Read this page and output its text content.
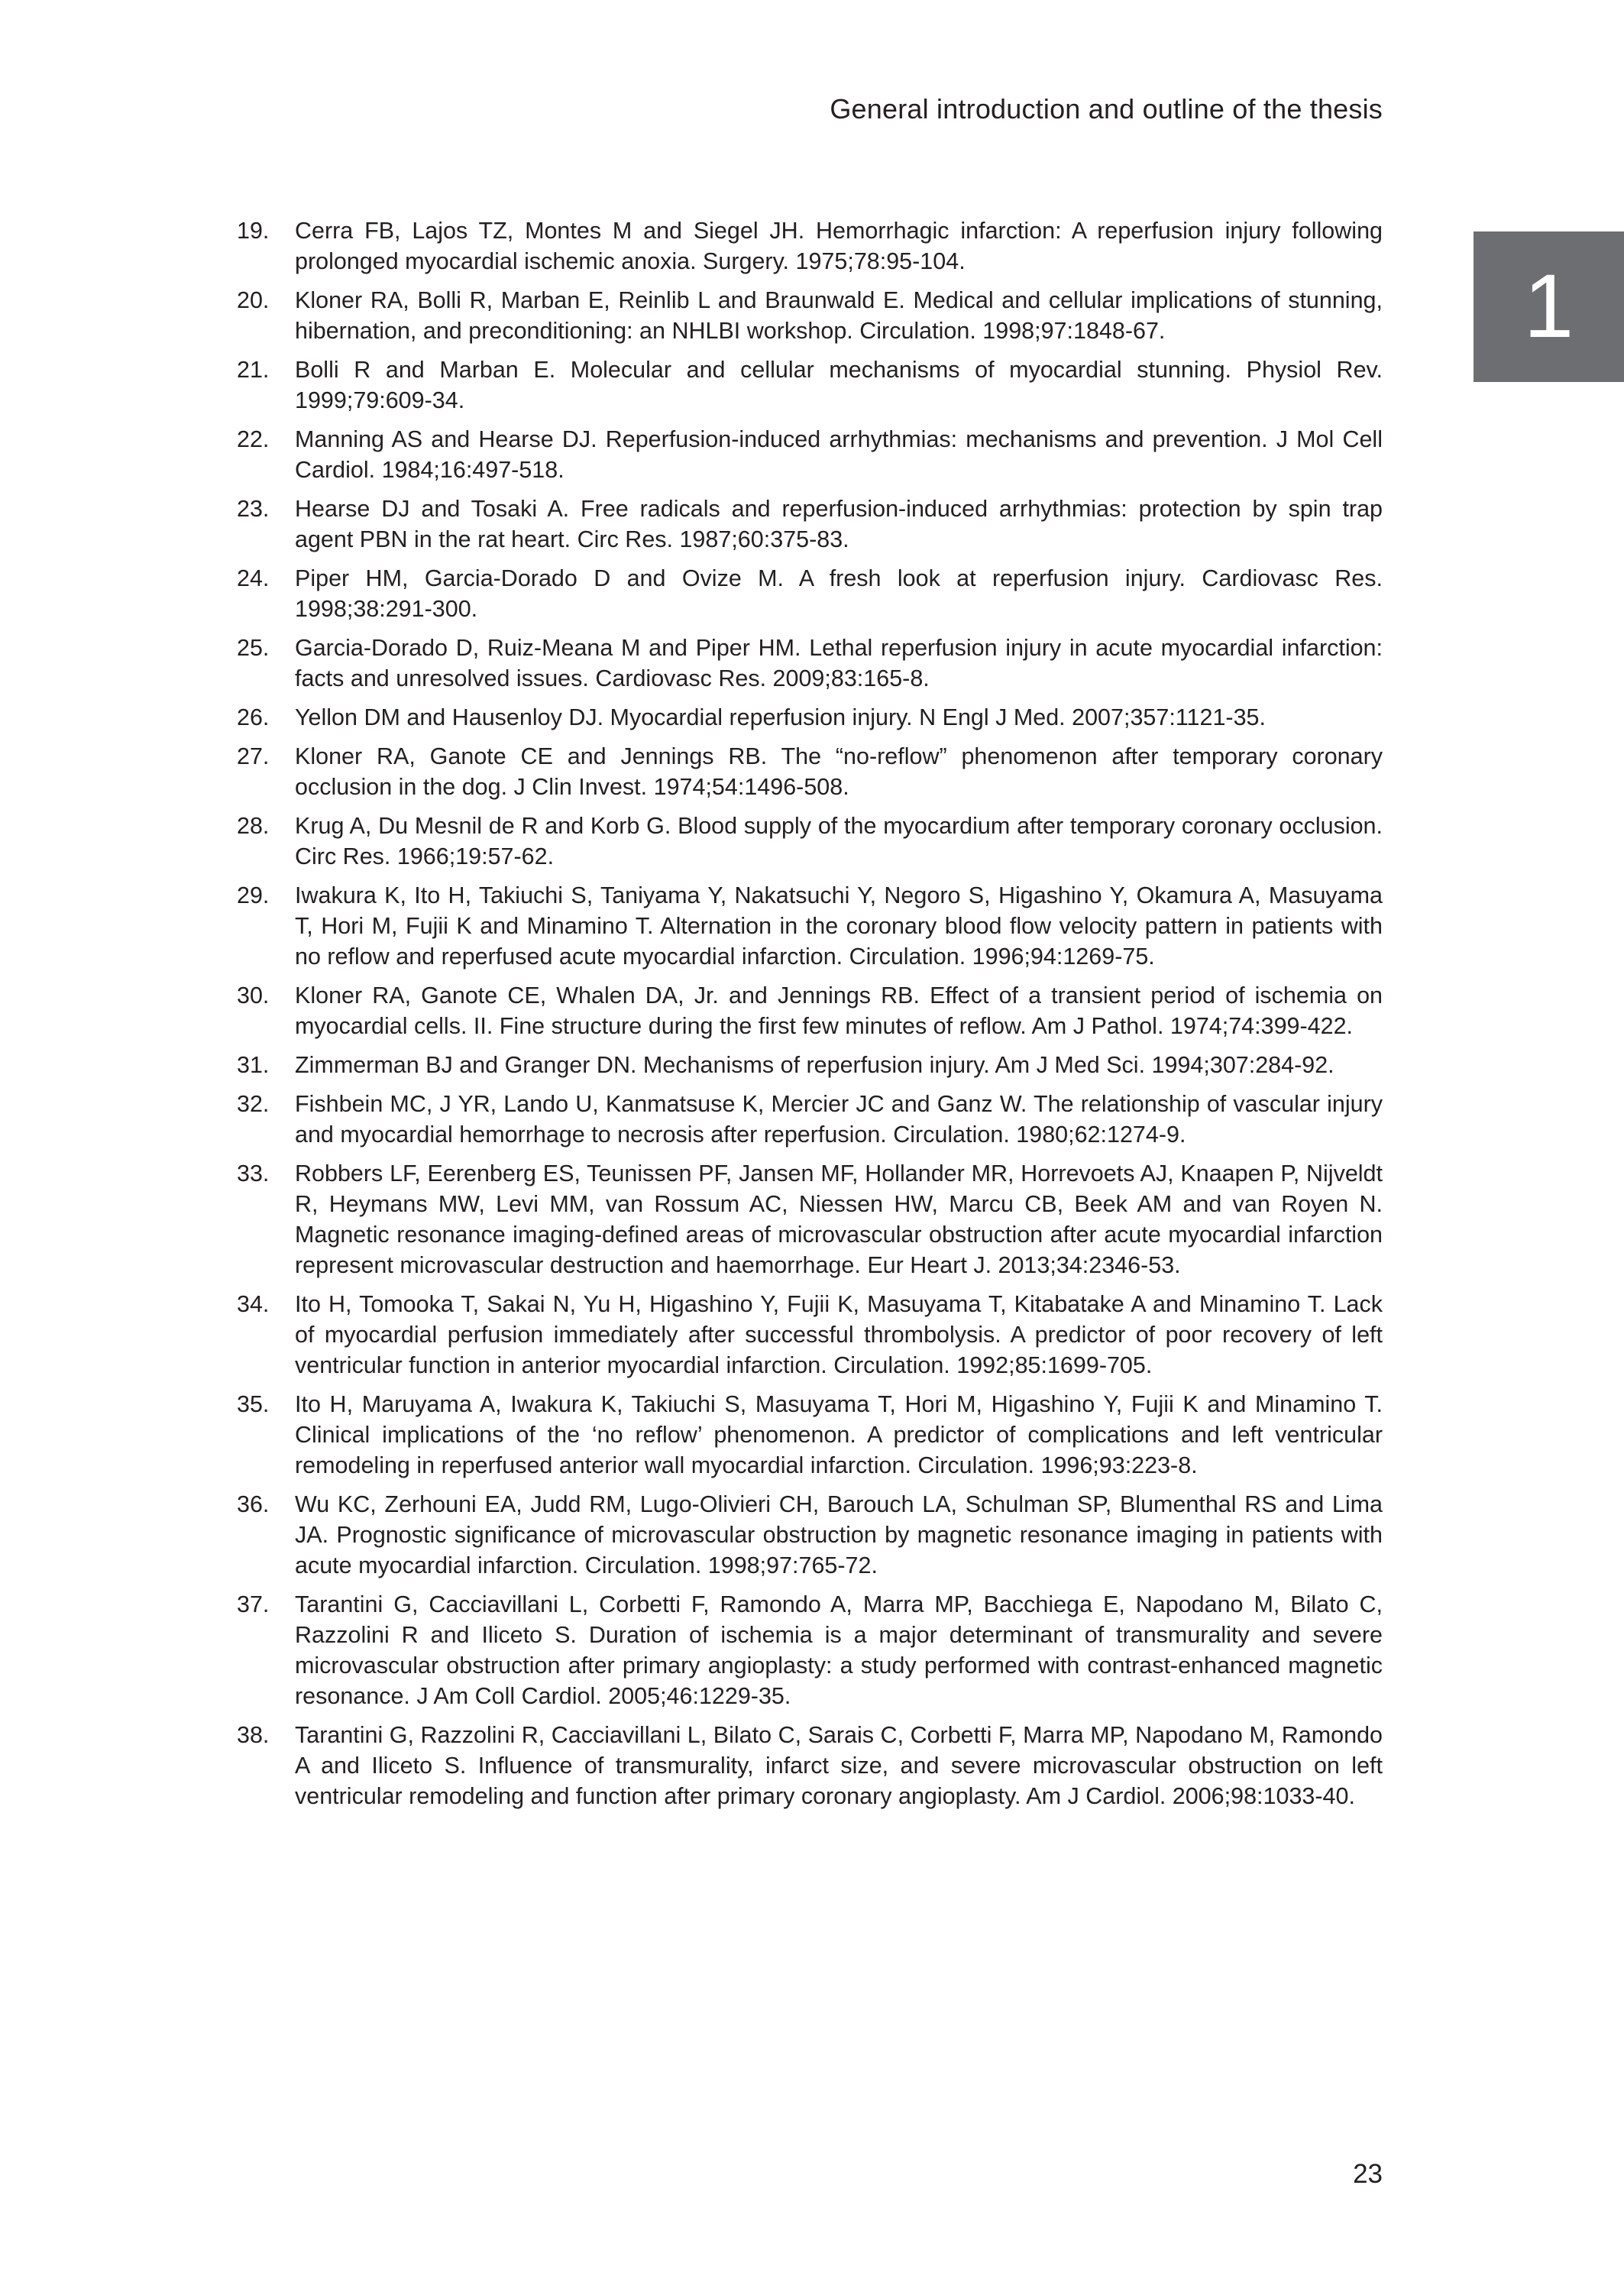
General introduction and outline of the thesis
1
19.	Cerra FB, Lajos TZ, Montes M and Siegel JH. Hemorrhagic infarction: A reperfusion injury following prolonged myocardial ischemic anoxia. Surgery. 1975;78:95-104.
20.	Kloner RA, Bolli R, Marban E, Reinlib L and Braunwald E. Medical and cellular implications of stunning, hibernation, and preconditioning: an NHLBI workshop. Circulation. 1998;97:1848-67.
21.	Bolli R and Marban E. Molecular and cellular mechanisms of myocardial stunning. Physiol Rev. 1999;79:609-34.
22.	Manning AS and Hearse DJ. Reperfusion-induced arrhythmias: mechanisms and prevention. J Mol Cell Cardiol. 1984;16:497-518.
23.	Hearse DJ and Tosaki A. Free radicals and reperfusion-induced arrhythmias: protection by spin trap agent PBN in the rat heart. Circ Res. 1987;60:375-83.
24.	Piper HM, Garcia-Dorado D and Ovize M. A fresh look at reperfusion injury. Cardiovasc Res. 1998;38:291-300.
25.	Garcia-Dorado D, Ruiz-Meana M and Piper HM. Lethal reperfusion injury in acute myocardial infarction: facts and unresolved issues. Cardiovasc Res. 2009;83:165-8.
26.	Yellon DM and Hausenloy DJ. Myocardial reperfusion injury. N Engl J Med. 2007;357:1121-35.
27.	Kloner RA, Ganote CE and Jennings RB. The “no-reflow” phenomenon after temporary coronary occlusion in the dog. J Clin Invest. 1974;54:1496-508.
28.	Krug A, Du Mesnil de R and Korb G. Blood supply of the myocardium after temporary coronary occlusion. Circ Res. 1966;19:57-62.
29.	Iwakura K, Ito H, Takiuchi S, Taniyama Y, Nakatsuchi Y, Negoro S, Higashino Y, Okamura A, Masuyama T, Hori M, Fujii K and Minamino T. Alternation in the coronary blood flow velocity pattern in patients with no reflow and reperfused acute myocardial infarction. Circulation. 1996;94:1269-75.
30.	Kloner RA, Ganote CE, Whalen DA, Jr. and Jennings RB. Effect of a transient period of ischemia on myocardial cells. II. Fine structure during the first few minutes of reflow. Am J Pathol. 1974;74:399-422.
31.	Zimmerman BJ and Granger DN. Mechanisms of reperfusion injury. Am J Med Sci. 1994;307:284-92.
32.	Fishbein MC, J YR, Lando U, Kanmatsuse K, Mercier JC and Ganz W. The relationship of vascular injury and myocardial hemorrhage to necrosis after reperfusion. Circulation. 1980;62:1274-9.
33.	Robbers LF, Eerenberg ES, Teunissen PF, Jansen MF, Hollander MR, Horrevoets AJ, Knaapen P, Nijveldt R, Heymans MW, Levi MM, van Rossum AC, Niessen HW, Marcu CB, Beek AM and van Royen N. Magnetic resonance imaging-defined areas of microvascular obstruction after acute myocardial infarction represent microvascular destruction and haemorrhage. Eur Heart J. 2013;34:2346-53.
34.	Ito H, Tomooka T, Sakai N, Yu H, Higashino Y, Fujii K, Masuyama T, Kitabatake A and Minamino T. Lack of myocardial perfusion immediately after successful thrombolysis. A predictor of poor recovery of left ventricular function in anterior myocardial infarction. Circulation. 1992;85:1699-705.
35.	Ito H, Maruyama A, Iwakura K, Takiuchi S, Masuyama T, Hori M, Higashino Y, Fujii K and Minamino T. Clinical implications of the ‘no reflow’ phenomenon. A predictor of complications and left ventricular remodeling in reperfused anterior wall myocardial infarction. Circulation. 1996;93:223-8.
36.	Wu KC, Zerhouni EA, Judd RM, Lugo-Olivieri CH, Barouch LA, Schulman SP, Blumenthal RS and Lima JA. Prognostic significance of microvascular obstruction by magnetic resonance imaging in patients with acute myocardial infarction. Circulation. 1998;97:765-72.
37.	Tarantini G, Cacciavillani L, Corbetti F, Ramondo A, Marra MP, Bacchiega E, Napodano M, Bilato C, Razzolini R and Iliceto S. Duration of ischemia is a major determinant of transmurality and severe microvascular obstruction after primary angioplasty: a study performed with contrast-enhanced magnetic resonance. J Am Coll Cardiol. 2005;46:1229-35.
38.	Tarantini G, Razzolini R, Cacciavillani L, Bilato C, Sarais C, Corbetti F, Marra MP, Napodano M, Ramondo A and Iliceto S. Influence of transmurality, infarct size, and severe microvascular obstruction on left ventricular remodeling and function after primary coronary angioplasty. Am J Cardiol. 2006;98:1033-40.
23
